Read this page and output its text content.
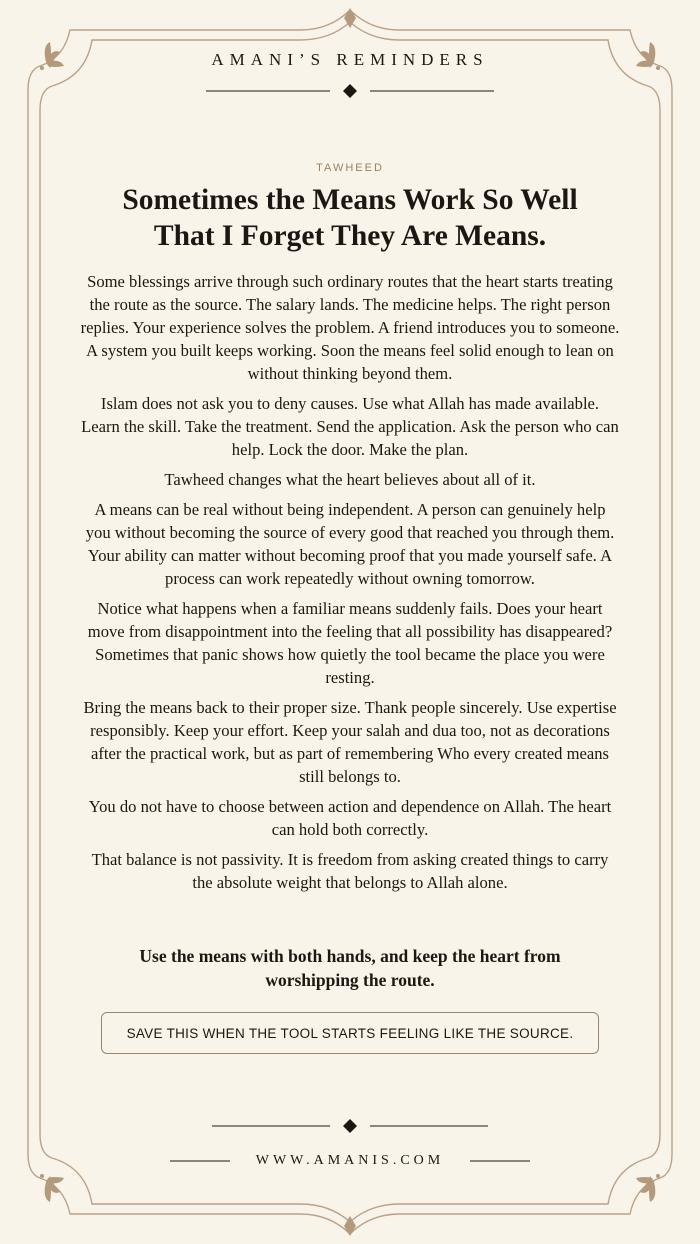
AMANI’S REMINDERS
TAWHEED
Sometimes the Means Work So Well
That I Forget They Are Means.

Some blessings arrive through such ordinary routes that the heart starts treating the route as the source. The salary lands. The medicine helps. The right person replies. Your experience solves the problem. A friend introduces you to someone. A system you built keeps working. Soon the means feel solid enough to lean on without thinking beyond them.

Islam does not ask you to deny causes. Use what Allah has made available. Learn the skill. Take the treatment. Send the application. Ask the person who can help. Lock the door. Make the plan.

Tawheed changes what the heart believes about all of it.

A means can be real without being independent. A person can genuinely help you without becoming the source of every good that reached you through them. Your ability can matter without becoming proof that you made yourself safe. A process can work repeatedly without owning tomorrow.

Notice what happens when a familiar means suddenly fails. Does your heart move from disappointment into the feeling that all possibility has disappeared? Sometimes that panic shows how quietly the tool became the place you were resting.

Bring the means back to their proper size. Thank people sincerely. Use expertise responsibly. Keep your effort. Keep your salah and dua too, not as decorations after the practical work, but as part of remembering Who every created means still belongs to.

You do not have to choose between action and dependence on Allah. The heart can hold both correctly.

That balance is not passivity. It is freedom from asking created things to carry the absolute weight that belongs to Allah alone.

Use the means with both hands, and keep the heart from
worshipping the route.
SAVE THIS WHEN THE TOOL STARTS FEELING LIKE THE SOURCE.
WWW.AMANIS.COM
